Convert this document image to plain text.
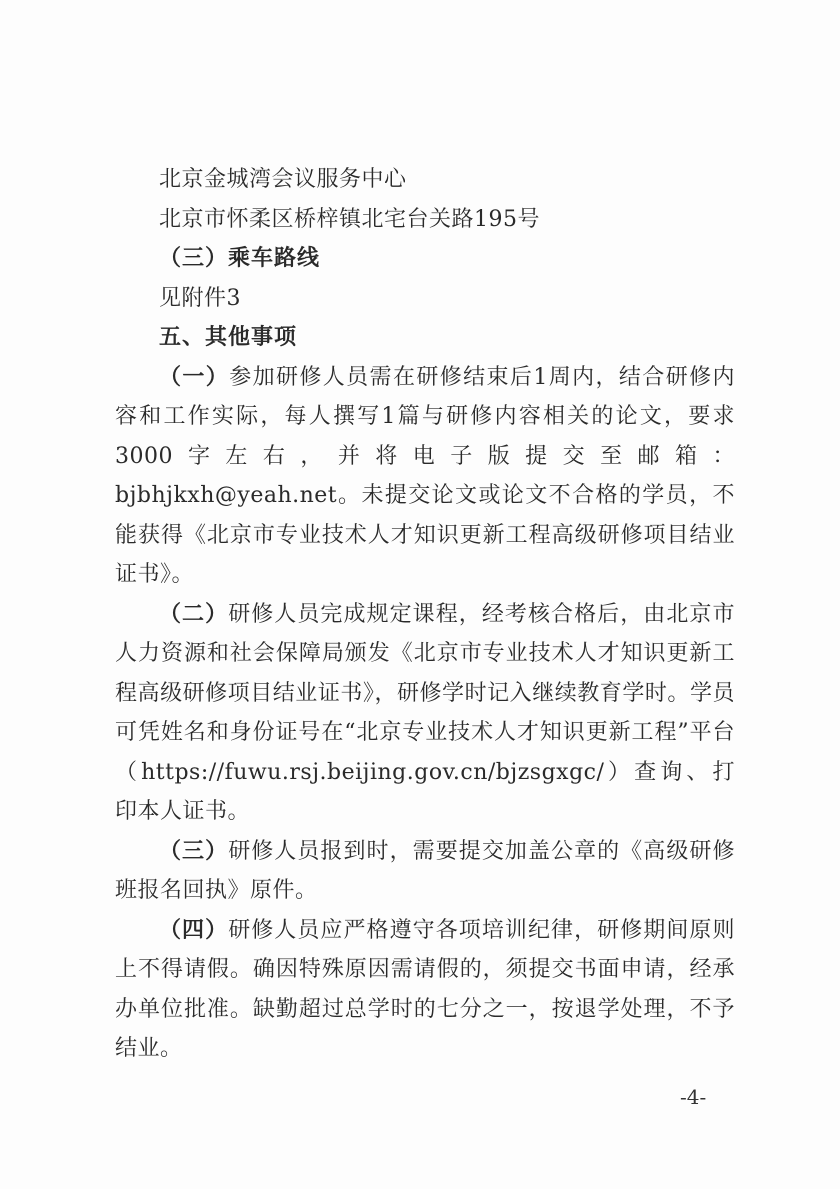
北京金城湾会议服务中心

北京市怀柔区桥梓镇北宅台关路195号

（三）乘车路线

见附件3

五、其他事项

（一）参加研修人员需在研修结束后1周内，结合研修内容和工作实际，每人撰写1篇与研修内容相关的论文，要求3000字左右，并将电子版提交至邮箱：bjbhjkxh@yeah.net。未提交论文或论文不合格的学员，不能获得《北京市专业技术人才知识更新工程高级研修项目结业证书》。

（二）研修人员完成规定课程，经考核合格后，由北京市人力资源和社会保障局颁发《北京市专业技术人才知识更新工程高级研修项目结业证书》，研修学时记入继续教育学时。学员可凭姓名和身份证号在“北京专业技术人才知识更新工程”平台（https://fuwu.rsj.beijing.gov.cn/bjzsgxgc/）查询、打印本人证书。

（三）研修人员报到时，需要提交加盖公章的《高级研修班报名回执》原件。

（四）研修人员应严格遵守各项培训纪律，研修期间原则上不得请假。确因特殊原因需请假的，须提交书面申请，经承办单位批准。缺勤超过总学时的七分之一，按退学处理，不予结业。

-4-
